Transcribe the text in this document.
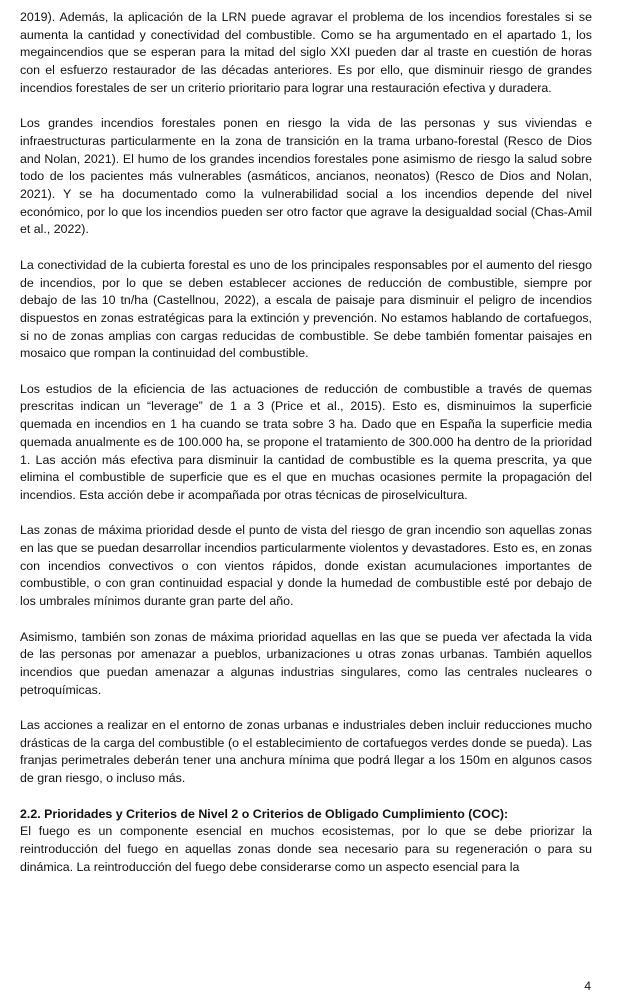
2019). Además, la aplicación de la LRN puede agravar el problema de los incendios forestales si se aumenta la cantidad y conectividad del combustible. Como se ha argumentado en el apartado 1, los megaincendios que se esperan para la mitad del siglo XXI pueden dar al traste en cuestión de horas con el esfuerzo restaurador de las décadas anteriores. Es por ello, que disminuir riesgo de grandes incendios forestales de ser un criterio prioritario para lograr una restauración efectiva y duradera.

Los grandes incendios forestales ponen en riesgo la vida de las personas y sus viviendas e infraestructuras particularmente en la zona de transición en la trama urbano-forestal (Resco de Dios and Nolan, 2021). El humo de los grandes incendios forestales pone asimismo de riesgo la salud sobre todo de los pacientes más vulnerables (asmáticos, ancianos, neonatos) (Resco de Dios and Nolan, 2021). Y se ha documentado como la vulnerabilidad social a los incendios depende del nivel económico, por lo que los incendios pueden ser otro factor que agrave la desigualdad social (Chas-Amil et al., 2022).

La conectividad de la cubierta forestal es uno de los principales responsables por el aumento del riesgo de incendios, por lo que se deben establecer acciones de reducción de combustible, siempre por debajo de las 10 tn/ha (Castellnou, 2022), a escala de paisaje para disminuir el peligro de incendios dispuestos en zonas estratégicas para la extinción y prevención. No estamos hablando de cortafuegos, si no de zonas amplias con cargas reducidas de combustible. Se debe también fomentar paisajes en mosaico que rompan la continuidad del combustible.

Los estudios de la eficiencia de las actuaciones de reducción de combustible a través de quemas prescritas indican un “leverage” de 1 a 3 (Price et al., 2015). Esto es, disminuimos la superficie quemada en incendios en 1 ha cuando se trata sobre 3 ha. Dado que en España la superficie media quemada anualmente es de 100.000 ha, se propone el tratamiento de 300.000 ha dentro de la prioridad 1. Las acción más efectiva para disminuir la cantidad de combustible es la quema prescrita, ya que elimina el combustible de superficie que es el que en muchas ocasiones permite la propagación del incendios. Esta acción debe ir acompañada por otras técnicas de piroselvicultura.

Las zonas de máxima prioridad desde el punto de vista del riesgo de gran incendio son aquellas zonas en las que se puedan desarrollar incendios particularmente violentos y devastadores. Esto es, en zonas con incendios convectivos o con vientos rápidos, donde existan acumulaciones importantes de combustible, o con gran continuidad espacial y donde la humedad de combustible esté por debajo de los umbrales mínimos durante gran parte del año.

Asimismo, también son zonas de máxima prioridad aquellas en las que se pueda ver afectada la vida de las personas por amenazar a pueblos, urbanizaciones u otras zonas urbanas. También aquellos incendios que puedan amenazar a algunas industrias singulares, como las centrales nucleares o petroquímicas.

Las acciones a realizar en el entorno de zonas urbanas e industriales deben incluir reducciones mucho drásticas de la carga del combustible (o el establecimiento de cortafuegos verdes donde se pueda). Las franjas perimetrales deberán tener una anchura mínima que podrá llegar a los 150m en algunos casos de gran riesgo, o incluso más.

2.2. Prioridades y Criterios de Nivel 2 o Criterios de Obligado Cumplimiento (COC):

El fuego es un componente esencial en muchos ecosistemas, por lo que se debe priorizar la reintroducción del fuego en aquellas zonas donde sea necesario para su regeneración o para su dinámica. La reintroducción del fuego debe considerarse como un aspecto esencial para la

4
